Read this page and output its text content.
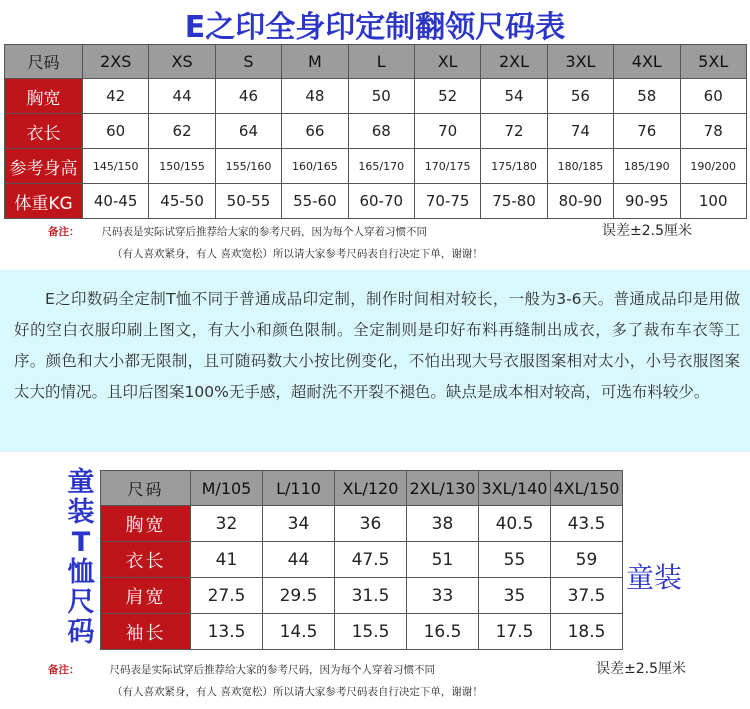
E之印全身印定制翻领尺码表
尺码	2XS	XS	S	M	L	XL	2XL	3XL	4XL	5XL
胸宽	42	44	46	48	50	52	54	56	58	60
衣长	60	62	64	66	68	70	72	74	76	78
参考身高	145/150	150/155	155/160	160/165	165/170	170/175	175/180	180/185	185/190	190/200
体重KG	40-45	45-50	50-55	55-60	60-70	70-75	75-80	80-90	90-95	100
备注： 尺码表是实际试穿后推荐给大家的参考尺码，因为每个人穿着习惯不同
（有人喜欢紧身，有人 喜欢宽松）所以请大家参考尺码表自行决定下单，谢谢！
误差±2.5厘米

E之印数码全定制T恤不同于普通成品印定制，制作时间相对较长，一般为3-6天。普通成品印是用做好的空白衣服印刷上图文，有大小和颜色限制。全定制则是印好布料再缝制出成衣，多了裁布车衣等工序。颜色和大小都无限制，且可随码数大小按比例变化，不怕出现大号衣服图案相对太小，小号衣服图案太大的情况。且印后图案100%无手感，超耐洗不开裂不褪色。缺点是成本相对较高，可选布料较少。

童
装
T
恤
尺
码
尺码	M/105	L/110	XL/120	2XL/130	3XL/140	4XL/150
胸宽	32	34	36	38	40.5	43.5
衣长	41	44	47.5	51	55	59
肩宽	27.5	29.5	31.5	33	35	37.5
袖长	13.5	14.5	15.5	16.5	17.5	18.5
童装
备注：	尺码表是实际试穿后推荐给大家的参考尺码，因为每个人穿着习惯不同
（有人喜欢紧身，有人 喜欢宽松）所以请大家参考尺码表自行决定下单，谢谢！
误差±2.5厘米
